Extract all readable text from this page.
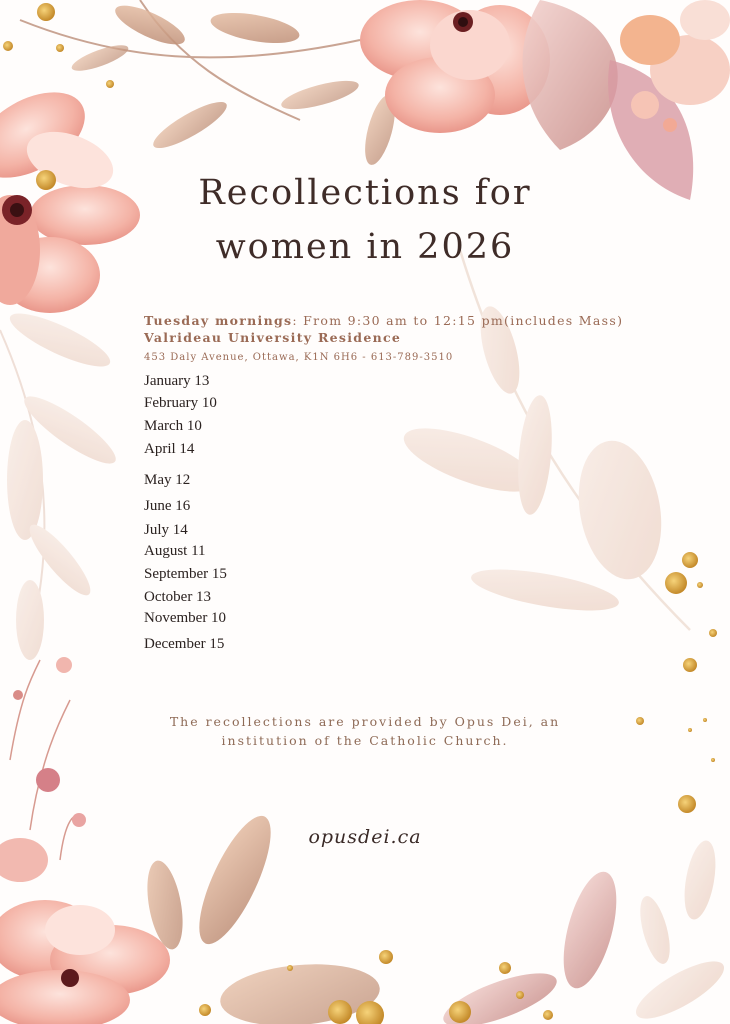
Recollections for
women in 2026
Tuesday mornings: From 9:30 am to 12:15 pm(includes Mass)
Valrideau University Residence
453 Daly Avenue, Ottawa, K1N 6H6 - 613-789-3510
January 13
February 10
March 10
April 14
May 12
June 16
July 14
August 11
September 15
October 13
November 10
December 15
The recollections are provided by Opus Dei, an
institution of the Catholic Church.
opusdei.ca
